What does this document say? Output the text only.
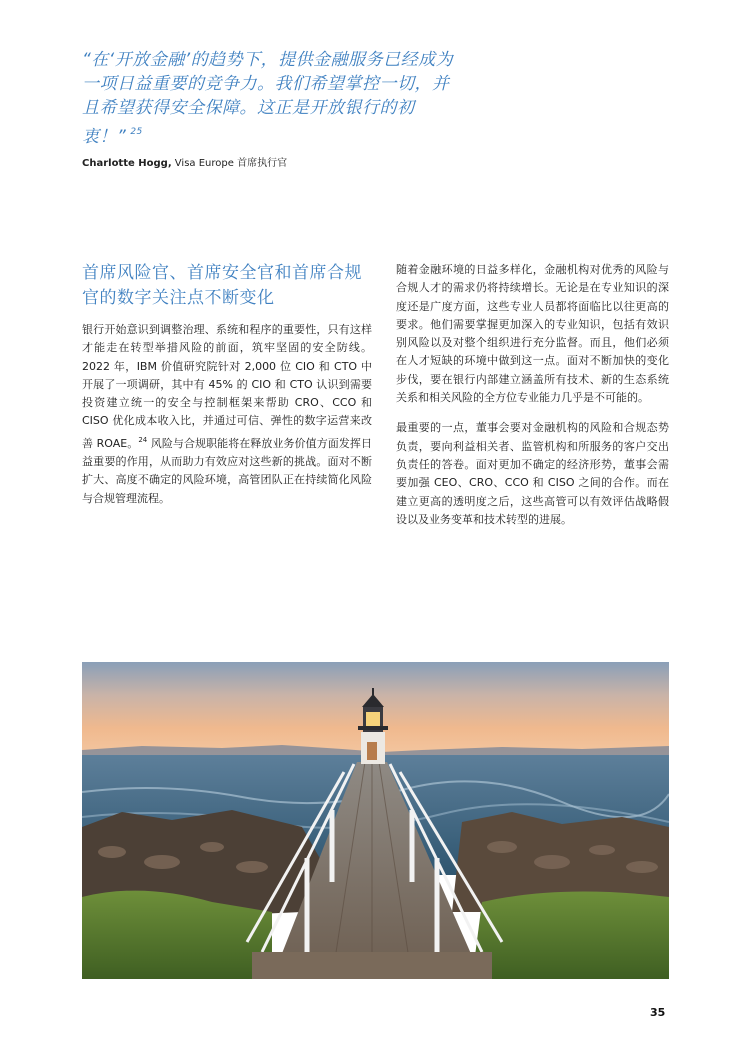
“在‘开放金融’的趋势下，提供金融服务已经成为一项日益重要的竞争力。我们希望掌控一切，并且希望获得安全保障。这正是开放银行的初衷！” $^{25}$
Charlotte Hogg, Visa Europe 首席执行官
首席风险官、首席安全官和首席合规官的数字关注点不断变化

银行开始意识到调整治理、系统和程序的重要性，只有这样才能走在转型举措风险的前面，筑牢坚固的安全防线。2022 年，IBM 价值研究院针对 2,000 位 CIO 和 CTO 中开展了一项调研，其中有 45% 的 CIO 和 CTO 认识到需要投资建立统一的安全与控制框架来帮助 CRO、CCO 和 CISO 优化成本收入比，并通过可信、弹性的数字运营来改善 ROAE。$^{24}$ 风险与合规职能将在释放业务价值方面发挥日益重要的作用，从而助力有效应对这些新的挑战。面对不断扩大、高度不确定的风险环境，高管团队正在持续简化风险与合规管理流程。

随着金融环境的日益多样化，金融机构对优秀的风险与合规人才的需求仍将持续增长。无论是在专业知识的深度还是广度方面，这些专业人员都将面临比以往更高的要求。他们需要掌握更加深入的专业知识，包括有效识别风险以及对整个组织进行充分监督。而且，他们必须在人才短缺的环境中做到这一点。面对不断加快的变化步伐，要在银行内部建立涵盖所有技术、新的生态系统关系和相关风险的全方位专业能力几乎是不可能的。

最重要的一点，董事会要对金融机构的风险和合规态势负责，要向利益相关者、监管机构和所服务的客户交出负责任的答卷。面对更加不确定的经济形势，董事会需要加强 CEO、CRO、CCO 和 CISO 之间的合作。而在建立更高的透明度之后，这些高管可以有效评估战略假设以及业务变革和技术转型的进展。

35
